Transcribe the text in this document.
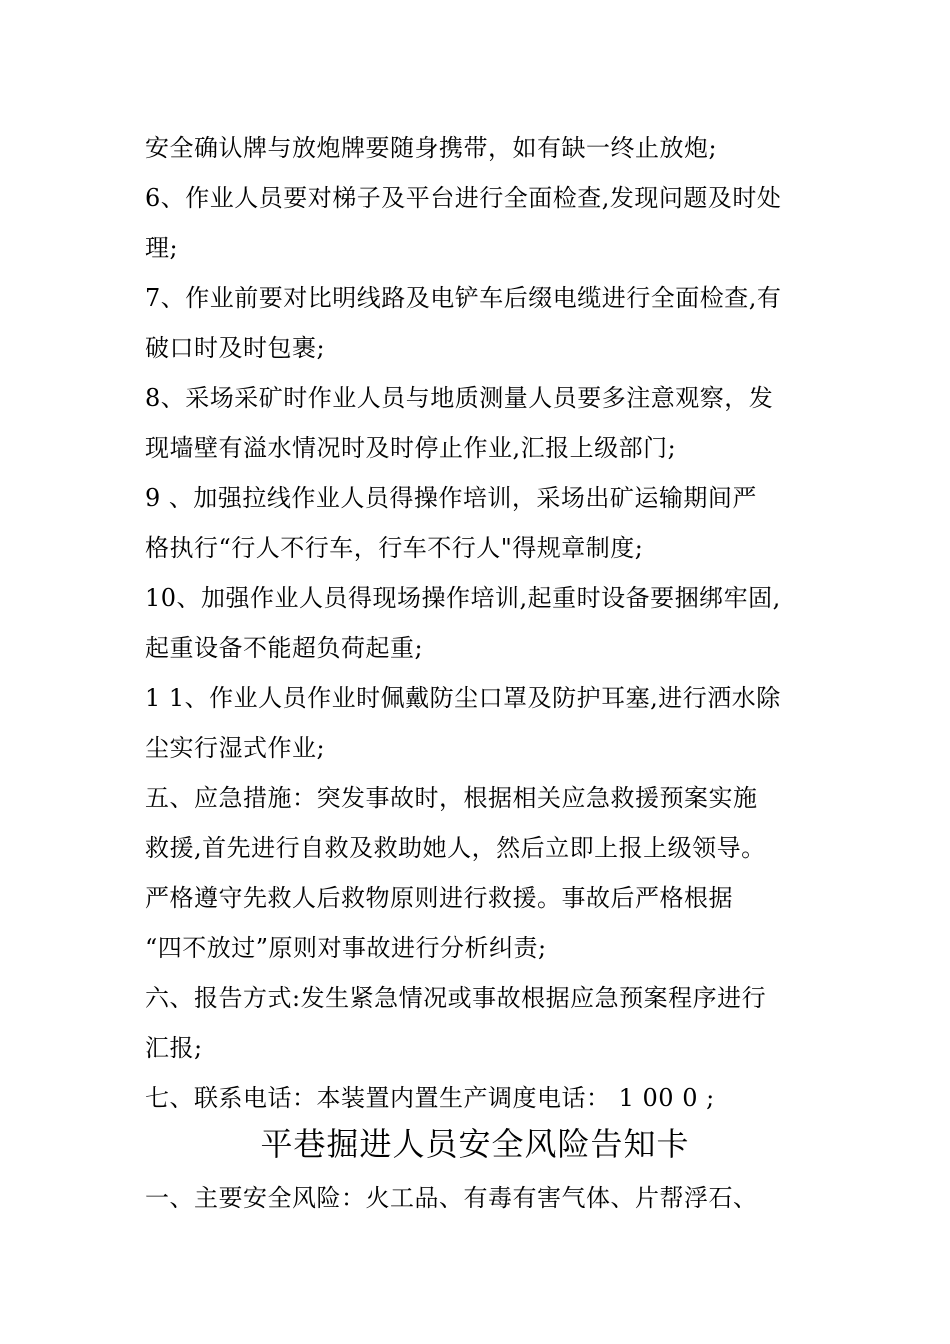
安全确认牌与放炮牌要随身携带，如有缺一终止放炮;
6、作业人员要对梯子及平台进行全面检查,发现问题及时处
理;
7、作业前要对比明线路及电铲车后缀电缆进行全面检查,有
破口时及时包裹;
8、采场采矿时作业人员与地质测量人员要多注意观察，发
现墙壁有溢水情况时及时停止作业,汇报上级部门;
9 、加强拉线作业人员得操作培训，采场出矿运输期间严
格执行“行人不行车，行车不行人"得规章制度;
10、加强作业人员得现场操作培训,起重时设备要捆绑牢固,
起重设备不能超负荷起重;
1 1、作业人员作业时佩戴防尘口罩及防护耳塞,进行洒水除
尘实行湿式作业;
五、应急措施：突发事故时，根据相关应急救援预案实施
救援,首先进行自救及救助她人，然后立即上报上级领导。
严格遵守先救人后救物原则进行救援。事故后严格根据
“四不放过”原则对事故进行分析纠责;
六、报告方式:发生紧急情况或事故根据应急预案程序进行
汇报;
七、联系电话：本装置内置生产调度电话： 1 00 0 ;
平巷掘进人员安全风险告知卡
一、主要安全风险：火工品、有毒有害气体、片帮浮石、
